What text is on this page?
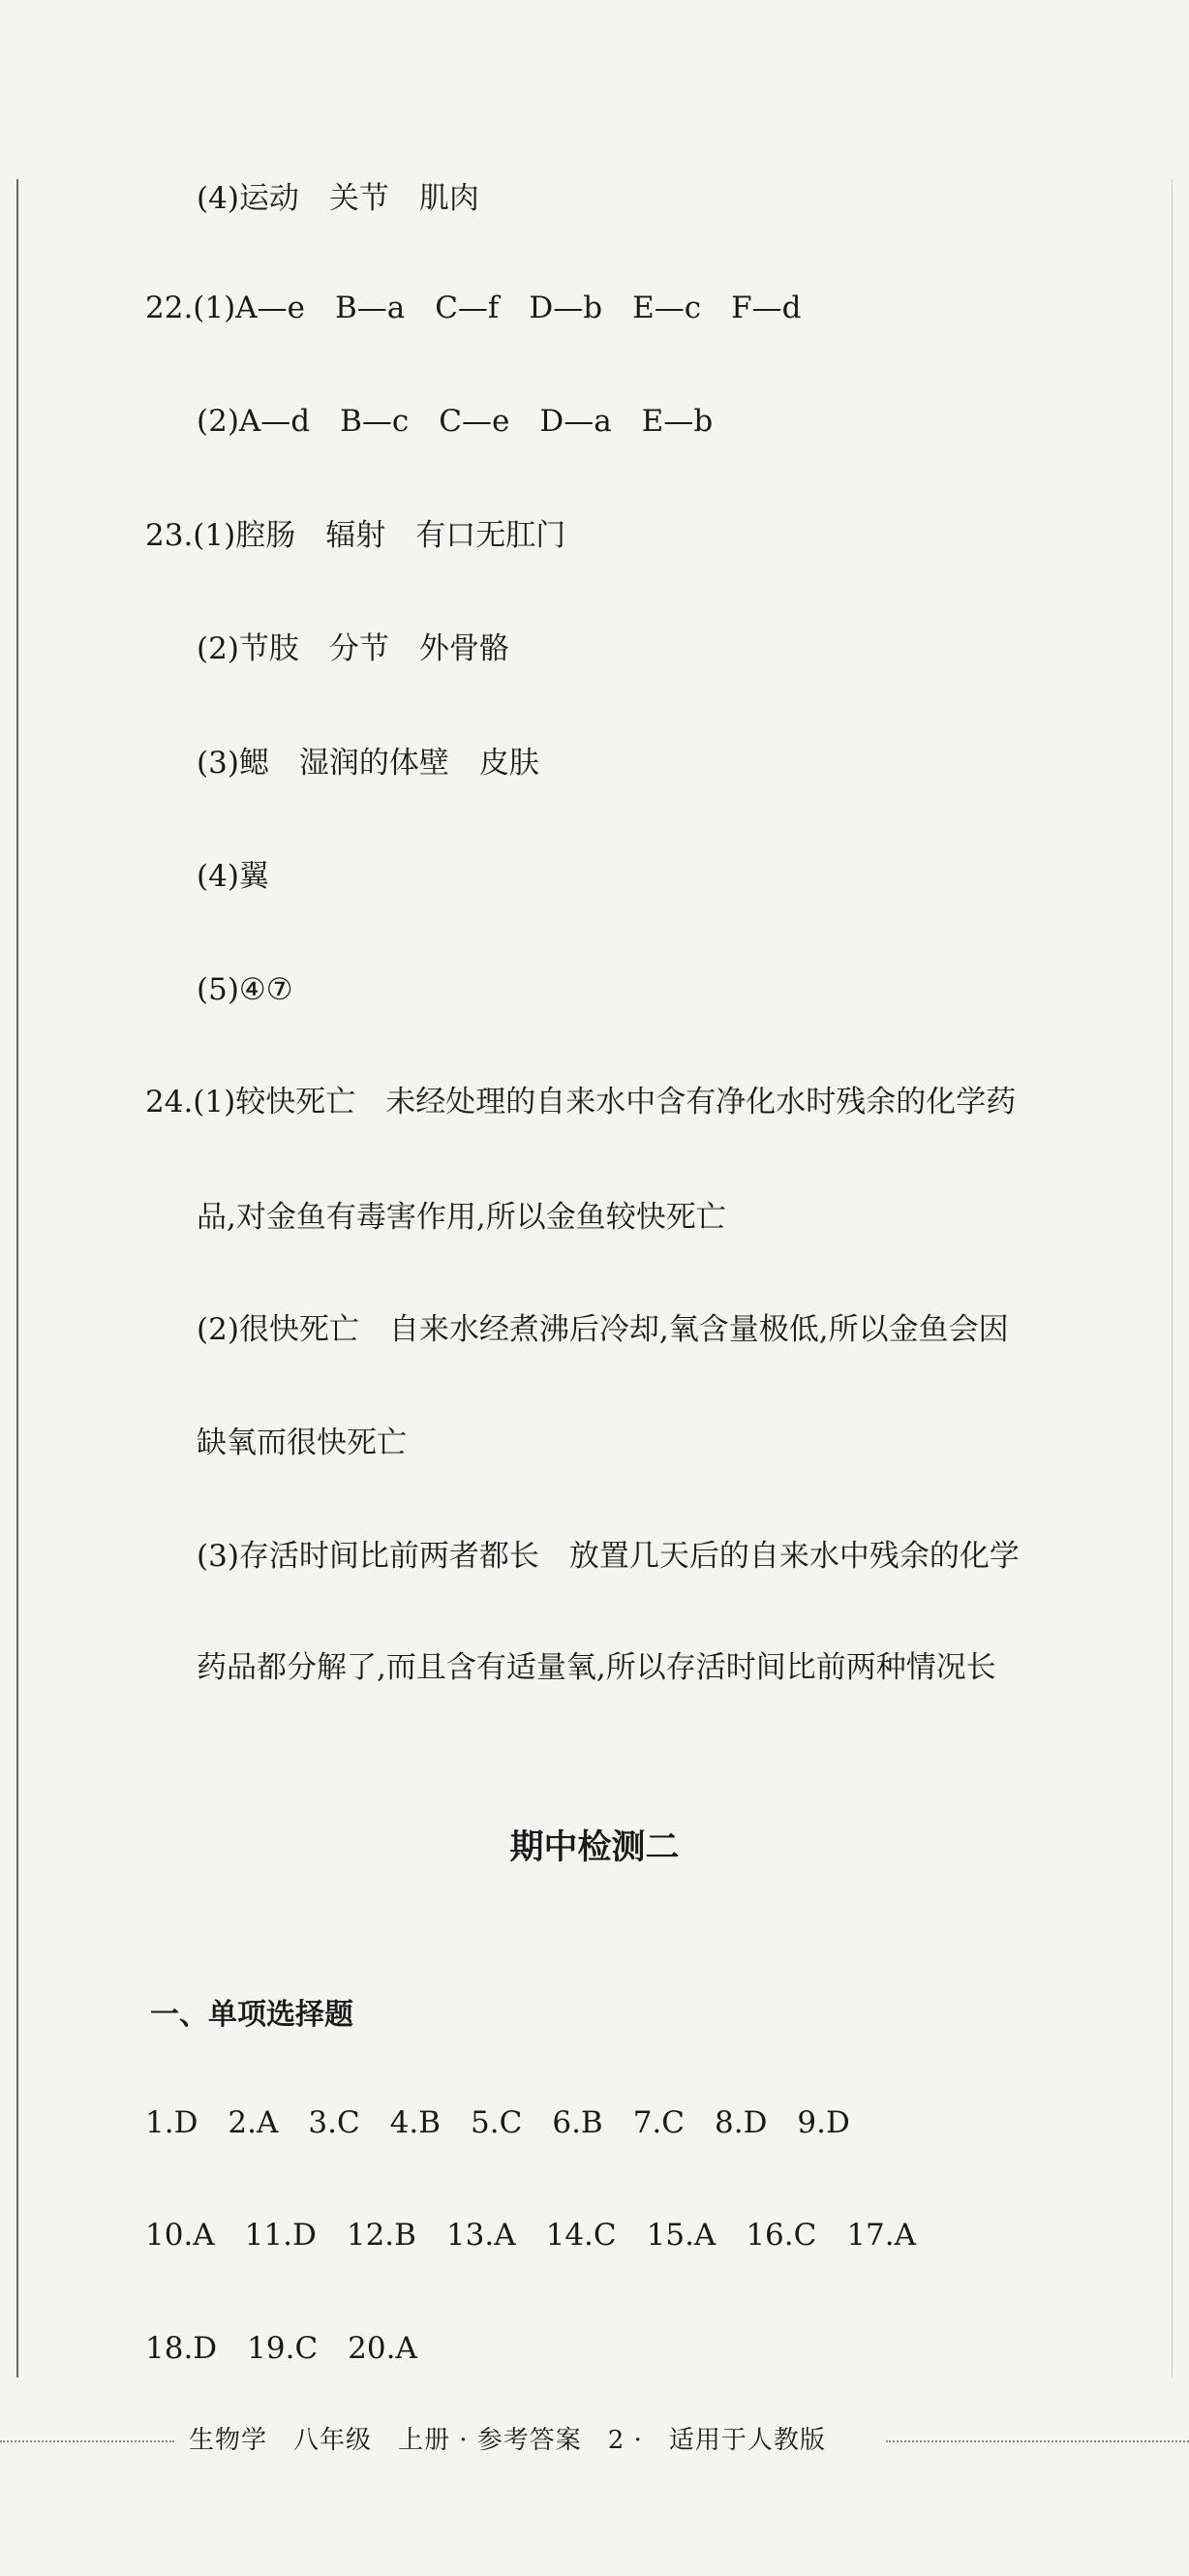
(4)运动　关节　肌肉
22.(1)A—e　B—a　C—f　D—b　E—c　F—d
(2)A—d　B—c　C—e　D—a　E—b
23.(1)腔肠　辐射　有口无肛门
(2)节肢　分节　外骨骼
(3)鳃　湿润的体壁　皮肤
(4)翼
(5)④⑦
24.(1)较快死亡　未经处理的自来水中含有净化水时残余的化学药
品,对金鱼有毒害作用,所以金鱼较快死亡
(2)很快死亡　自来水经煮沸后冷却,氧含量极低,所以金鱼会因
缺氧而很快死亡
(3)存活时间比前两者都长　放置几天后的自来水中残余的化学
药品都分解了,而且含有适量氧,所以存活时间比前两种情况长
期中检测二
一、单项选择题
1.D　2.A　3.C　4.B　5.C　6.B　7.C　8.D　9.D
10.A　11.D　12.B　13.A　14.C　15.A　16.C　17.A
18.D　19.C　20.A
生物学　八年级　上册 · 参考答案　2 ·　适用于人教版
